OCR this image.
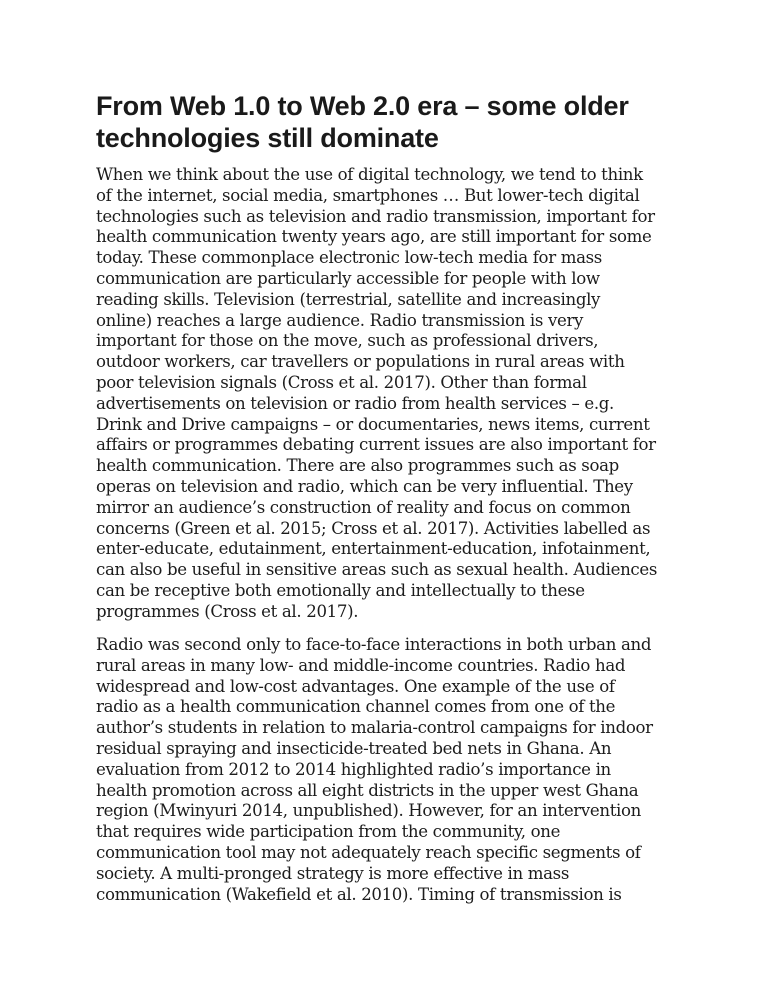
From Web 1.0 to Web 2.0 era – some older
technologies still dominate

When we think about the use of digital technology, we tend to think
of the internet, social media, smartphones … But lower-tech digital
technologies such as television and radio transmission, important for
health communication twenty years ago, are still important for some
today. These commonplace electronic low-tech media for mass
communication are particularly accessible for people with low
reading skills. Television (terrestrial, satellite and increasingly
online) reaches a large audience. Radio transmission is very
important for those on the move, such as professional drivers,
outdoor workers, car travellers or populations in rural areas with
poor television signals (Cross et al. 2017). Other than formal
advertisements on television or radio from health services – e.g.
Drink and Drive campaigns – or documentaries, news items, current
affairs or programmes debating current issues are also important for
health communication. There are also programmes such as soap
operas on television and radio, which can be very influential. They
mirror an audience’s construction of reality and focus on common
concerns (Green et al. 2015; Cross et al. 2017). Activities labelled as
enter-educate, edutainment, entertainment-education, infotainment,
can also be useful in sensitive areas such as sexual health. Audiences
can be receptive both emotionally and intellectually to these
programmes (Cross et al. 2017).

Radio was second only to face-to-face interactions in both urban and
rural areas in many low- and middle-income countries. Radio had
widespread and low-cost advantages. One example of the use of
radio as a health communication channel comes from one of the
author’s students in relation to malaria-control campaigns for indoor
residual spraying and insecticide-treated bed nets in Ghana. An
evaluation from 2012 to 2014 highlighted radio’s importance in
health promotion across all eight districts in the upper west Ghana
region (Mwinyuri 2014, unpublished). However, for an intervention
that requires wide participation from the community, one
communication tool may not adequately reach specific segments of
society. A multi-pronged strategy is more effective in mass
communication (Wakefield et al. 2010). Timing of transmission is
